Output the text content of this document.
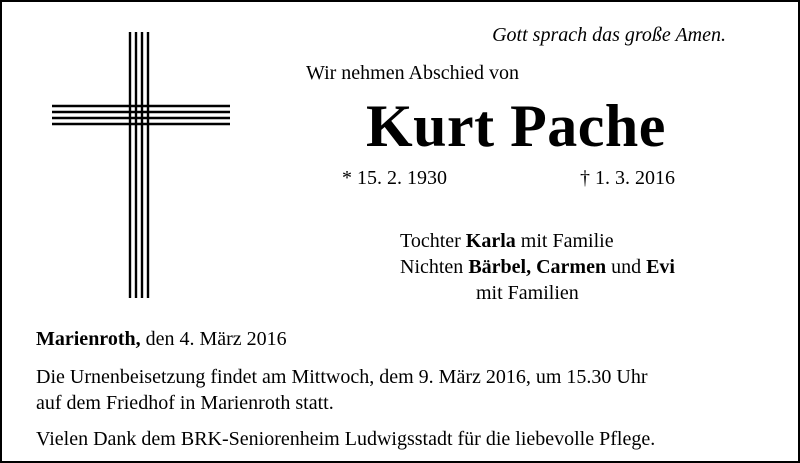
Gott sprach das große Amen.
Wir nehmen Abschied von
Kurt Pache
* 15. 2. 1930	† 1. 3. 2016
Tochter Karla mit Familie
Nichten Bärbel, Carmen und Evi
mit Familien
Marienroth, den 4. März 2016
Die Urnenbeisetzung findet am Mittwoch, dem 9. März 2016, um 15.30 Uhr
auf dem Friedhof in Marienroth statt.
Vielen Dank dem BRK-Seniorenheim Ludwigsstadt für die liebevolle Pflege.
